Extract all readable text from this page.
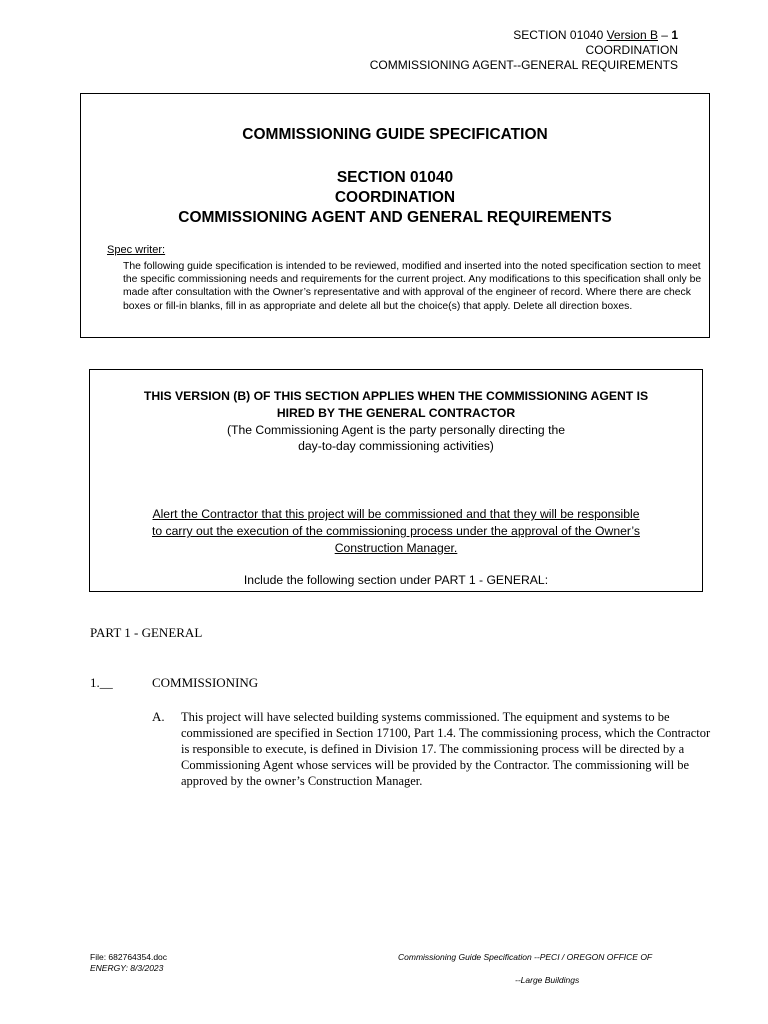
SECTION 01040 Version B – 1
COORDINATION
COMMISSIONING AGENT--GENERAL REQUIREMENTS
COMMISSIONING GUIDE SPECIFICATION
SECTION 01040
COORDINATION
COMMISSIONING AGENT AND GENERAL REQUIREMENTS
Spec writer:
The following guide specification is intended to be reviewed, modified and inserted into the noted specification section to meet the specific commissioning needs and requirements for the current project. Any modifications to this specification shall only be made after consultation with the Owner’s representative and with approval of the engineer of record. Where there are check boxes or fill-in blanks, fill in as appropriate and delete all but the choice(s) that apply. Delete all direction boxes.
THIS VERSION (B) OF THIS SECTION APPLIES WHEN THE COMMISSIONING AGENT IS
HIRED BY THE GENERAL CONTRACTOR
(The Commissioning Agent is the party personally directing the
day-to-day commissioning activities)
Alert the Contractor that this project will be commissioned and that they will be responsible
to carry out the execution of the commissioning process under the approval of the Owner’s
Construction Manager.
Include the following section under PART 1 - GENERAL:
PART 1 - GENERAL
1.__	COMMISSIONING
A. This project will have selected building systems commissioned. The equipment and systems to be commissioned are specified in Section 17100, Part 1.4. The commissioning process, which the Contractor is responsible to execute, is defined in Division 17. The commissioning process will be directed by a Commissioning Agent whose services will be provided by the Contractor. The commissioning will be approved by the owner’s Construction Manager.
File: 682764354.doc
ENERGY: 8/3/2023
Commissioning Guide Specification --PECI / OREGON OFFICE OF
--Large Buildings
